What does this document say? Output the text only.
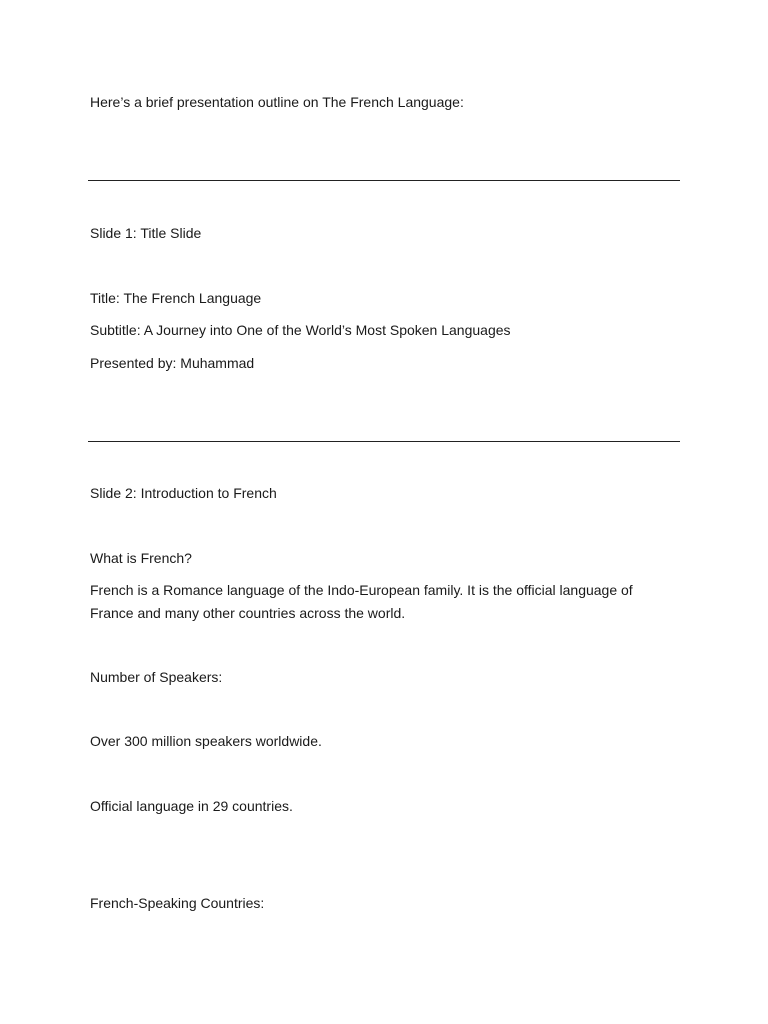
Here’s a brief presentation outline on The French Language:
Slide 1: Title Slide
Title: The French Language
Subtitle: A Journey into One of the World’s Most Spoken Languages
Presented by: Muhammad
Slide 2: Introduction to French
What is French?
French is a Romance language of the Indo-European family. It is the official language of France and many other countries across the world.
Number of Speakers:
Over 300 million speakers worldwide.
Official language in 29 countries.
French-Speaking Countries:
